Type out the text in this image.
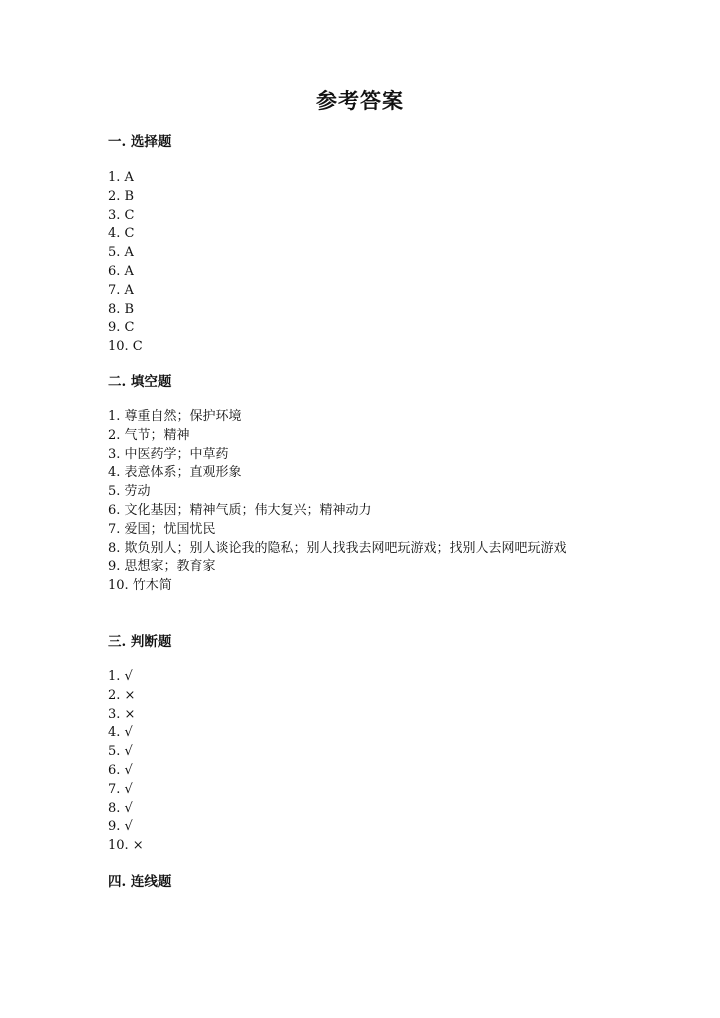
参考答案
一. 选择题
1. A
2. B
3. C
4. C
5. A
6. A
7. A
8. B
9. C
10. C
二. 填空题
1. 尊重自然；保护环境
2. 气节；精神
3. 中医药学；中草药
4. 表意体系；直观形象
5. 劳动
6. 文化基因；精神气质；伟大复兴；精神动力
7. 爱国；忧国忧民
8. 欺负别人；别人谈论我的隐私；别人找我去网吧玩游戏；找别人去网吧玩游戏
9. 思想家；教育家
10. 竹木简
三. 判断题
1. √
2. ×
3. ×
4. √
5. √
6. √
7. √
8. √
9. √
10. ×
四. 连线题
